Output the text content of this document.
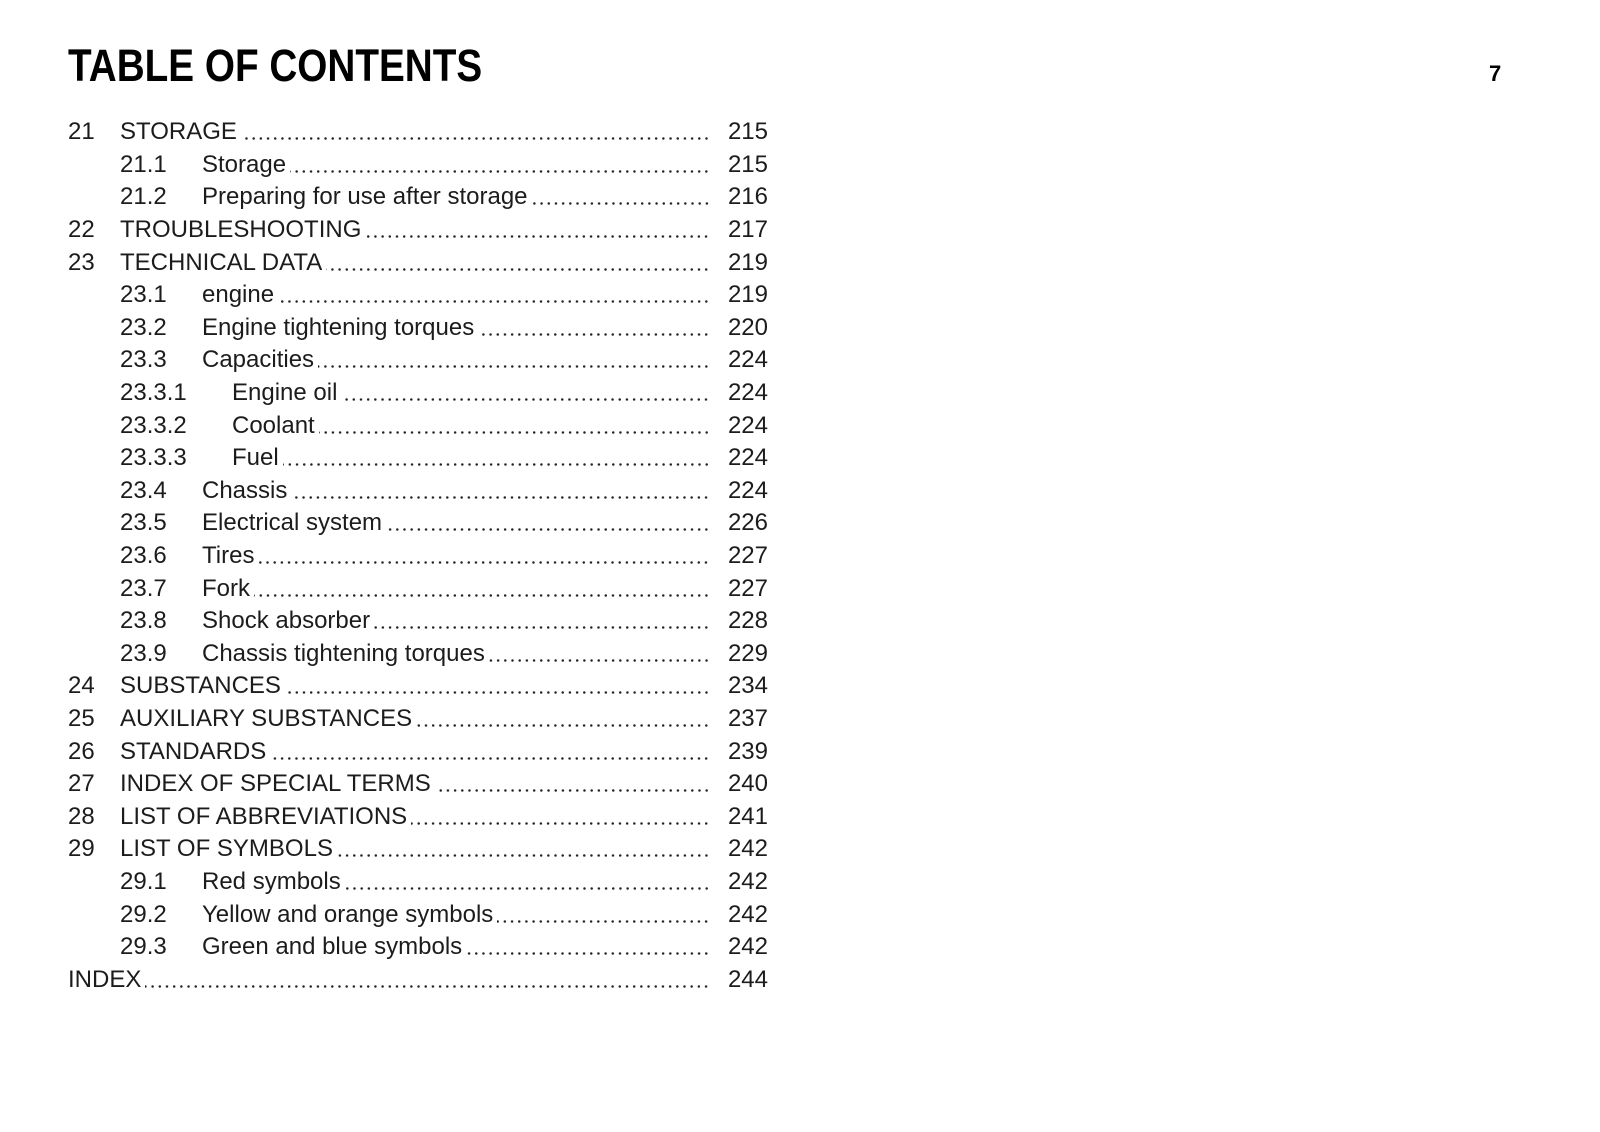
TABLE OF CONTENTS	7
21	STORAGE	215
21.1	Storage	215
21.2	Preparing for use after storage	216
22	TROUBLESHOOTING	217
23	TECHNICAL DATA	219
23.1	engine	219
23.2	Engine tightening torques	220
23.3	Capacities	224
23.3.1	Engine oil	224
23.3.2	Coolant	224
23.3.3	Fuel	224
23.4	Chassis	224
23.5	Electrical system	226
23.6	Tires	227
23.7	Fork	227
23.8	Shock absorber	228
23.9	Chassis tightening torques	229
24	SUBSTANCES	234
25	AUXILIARY SUBSTANCES	237
26	STANDARDS	239
27	INDEX OF SPECIAL TERMS	240
28	LIST OF ABBREVIATIONS	241
29	LIST OF SYMBOLS	242
29.1	Red symbols	242
29.2	Yellow and orange symbols	242
29.3	Green and blue symbols	242
INDEX	244
